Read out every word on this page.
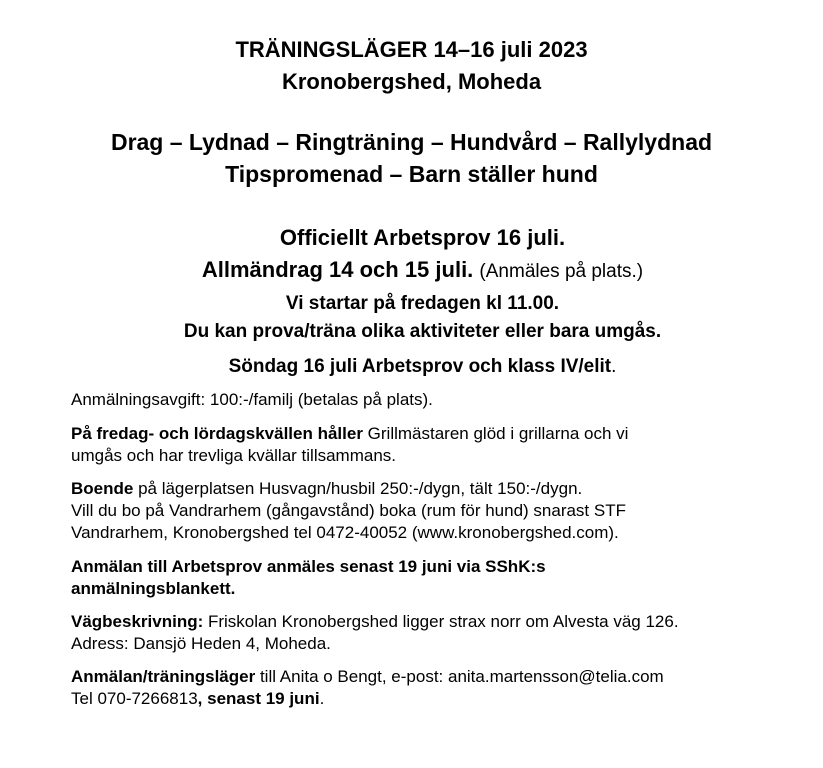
TRÄNINGSLÄGER 14–16 juli 2023
Kronobergshed, Moheda
Drag – Lydnad – Ringträning – Hundvård – Rallylydnad
Tipspromenad – Barn ställer hund
Officiellt Arbetsprov 16 juli.
Allmändrag 14 och 15 juli. (Anmäles på plats.)
Vi startar på fredagen kl 11.00.
Du kan prova/träna olika aktiviteter eller bara umgås.
Söndag 16 juli Arbetsprov och klass IV/elit.
Anmälningsavgift: 100:-/familj (betalas på plats).
På fredag- och lördagskvällen håller Grillmästaren glöd i grillarna och vi
umgås och har trevliga kvällar tillsammans.
Boende på lägerplatsen Husvagn/husbil 250:-/dygn, tält 150:-/dygn.
Vill du bo på Vandrarhem (gångavstånd) boka (rum för hund) snarast STF
Vandrarhem, Kronobergshed tel 0472-40052 (www.kronobergshed.com).
Anmälan till Arbetsprov anmäles senast 19 juni via SShK:s
anmälningsblankett.
Vägbeskrivning: Friskolan Kronobergshed ligger strax norr om Alvesta väg 126.
Adress: Dansjö Heden 4, Moheda.
Anmälan/träningsläger till Anita o Bengt, e-post: anita.martensson@telia.com
Tel 070-7266813, senast 19 juni.
